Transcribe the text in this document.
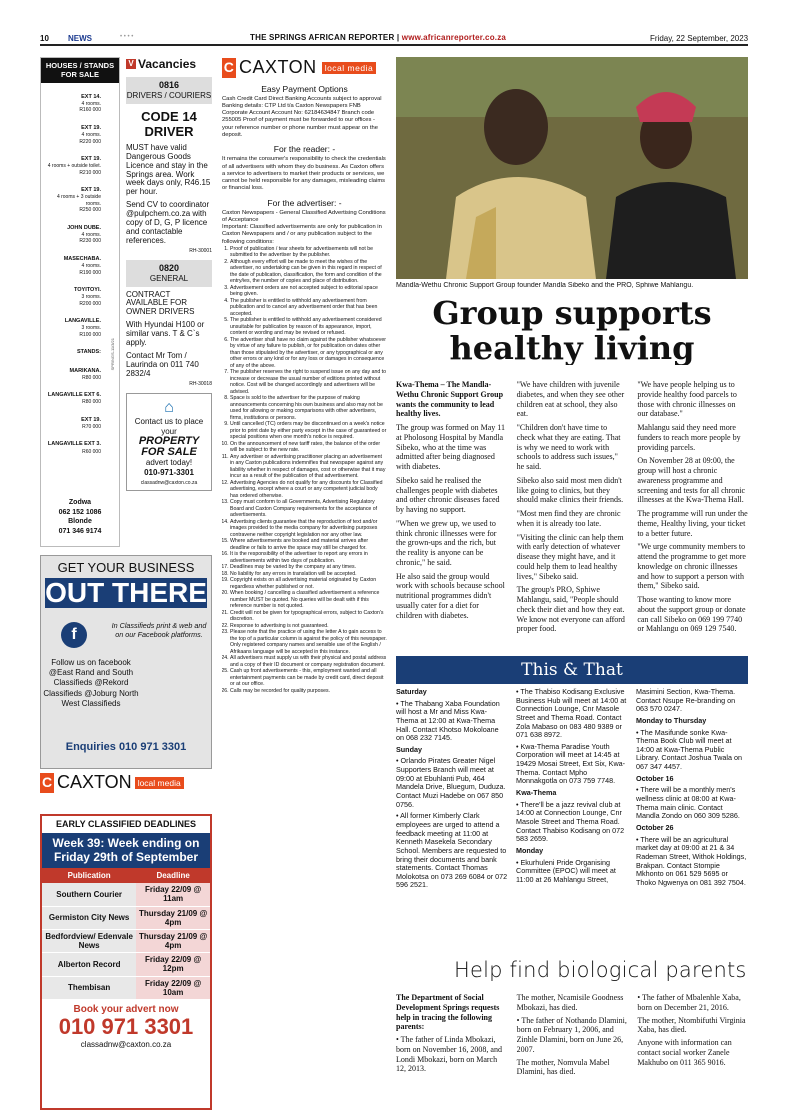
10 NEWS	• • • •	THE SPRINGS AFRICAN REPORTER | www.africanreporter.co.za	Friday, 22 September, 2023
HOUSES / STANDS FOR SALE
EXT 14.
4 rooms.
R160 000
EXT 19.
4 rooms.
R220 000
EXT 19.
4 rooms + outside toilet.
R210 000
EXT 19.
4 rooms + 3 outside rooms.
R250 000
JOHN DUBE.
4 rooms.
R230 000
MASECHABA.
4 rooms.
R190 000
TOYITOYI.
3 rooms.
R200 000
LANGAVILLE.
3 rooms.
R100 000
STANDS:
MARIKANA.
R80 000
LANGAVILLE EXT 6.
R80 000
EXT 19.
R70 000
LANGAVILLE EXT 3.
R60 000
SPRINGS-11/3/21
Zodwa
062 152 1086
Blonde
071 346 9174
V Vacancies
0816
DRIVERS / COURIERS
CODE 14 DRIVER
MUST have valid Dangerous Goods Licence and stay in the Springs area. Work week days only, R46.15 per hour.
Send CV to coordinator @pulpchem.co.za with copy of D, G, P licence and contactable references.
RH-30001
0820
GENERAL
CONTRACT AVAILABLE FOR OWNER DRIVERS
With Hyundai H100 or similar vans. T & C`s apply.
Contact Mr Tom / Laurinda on 011 740 2832/4
RH-30018
⌂
Contact us to place your
PROPERTY FOR SALE
advert today!
010-971-3301
classadnw@caxton.co.za
C CAXTON local media
Easy Payment Options

Cash Credit Card Direct Banking Accounts subject to approval Banking details: CTP Ltd t/a Caxton Newspapers FNB Corporate Account Account No: 62184634847 Branch code 255005 Proof of payment must be forwarded to our offices - your reference number or phone number must appear on the deposit.

For the reader: -

It remains the consumer's responsibility to check the credentials of all advertisers with whom they do business. As Caxton offers a service to advertisers to market their products or services, we cannot be held responsible for any damages, misleading claims or financial loss.

For the advertiser: -

Caxton Newspapers - General Classified Advertising Conditions of Acceptance

Important: Classified advertisements are only for publication in Caxton Newspapers and / or any publication subject to the following conditions:

1. Proof of publication / tear sheets for advertisements will not be submitted to the advertiser by the publisher.
2. Although every effort will be made to meet the wishes of the advertiser, no undertaking can be given in this regard in respect of the date of publication, classification, the form and condition of the entry/ies, the number of copies and place of distribution.
3. Advertisement orders are not accepted subject to editorial space being given.
4. The publisher is entitled to withhold any advertisement from publication and to cancel any advertisement order that has been accepted.
5. The publisher is entitled to withhold any advertisement considered unsuitable for publication by reason of its appearance, import, content or wording and may be revised or refused.
6. The advertiser shall have no claim against the publisher whatsoever by virtue of any failure to publish, or for publication on dates other than those stipulated by the advertiser, or any typographical or any other errors or any kind or for any loss or damages in consequence of any of the above.
7. The publisher reserves the right to suspend issue on any day and to increase or decrease the usual number of editions printed without notice. Cost will be changed accordingly and advertisers will be advised.
8. Space is sold to the advertiser for the purpose of making announcements concerning his own business and also may not be used for allowing or making comparisons with other advertisers, firms, institutions or persons.
9. Until cancelled (TC) orders may be discontinued on a week's notice prior to print date by either party except in the case of guaranteed or special positions when one month's notice is required.
10. On the announcement of new tariff rates, the balance of the order will be subject to the new rate.
11. Any advertiser or advertising practitioner placing an advertisement in any Caxton publications indemnifies that newspaper against any liability whether in respect of damages, cost or otherwise that it may incur as a result of the publication of that advertisement.
12. Advertising Agencies do not qualify for any discounts for Classified advertising, except where a court or any competent judicial body has ordered otherwise.
13. Copy must conform to all Governments, Advertising Regulatory Board and Caxton Company requirements for the acceptance of advertisements.
14. Advertising clients guarantee that the reproduction of text and/or images provided to the media company for advertising purposes contravene neither copyright legislation nor any other law.
15. Where advertisements are booked and material arrives after deadline or fails to arrive the space may still be charged for.
16. It is the responsibility of the advertiser to report any errors in advertisements within two days of publication.
17. Deadlines may be varied by the company at any times.
18. No liability for any errors in translation will be accepted.
19. Copyright exists on all advertising material originated by Caxton regardless whether published or not.
20. When booking / cancelling a classified advertisement a reference number MUST be quoted. No queries will be dealt with if this reference number is not quoted.
21. Credit will not be given for typographical errors, subject to Caxton's discretion.
22. Response to advertising is not guaranteed.
23. Please note that the practice of using the letter A to gain access to the top of a particular column is against the policy of this newspaper. Only registered company names and sensible use of the English / Afrikaans language will be accepted in this instance.
24. All advertisers must supply us with their physical and postal address and a copy of their ID document or company registration document.
25. Cash up front advertisements - this, employment wanted and all entertainment payments can be made by credit card, direct deposit or at our office.
26. Calls may be recorded for quality purposes.
Mandla-Wethu Chronic Support Group founder Mandla Sibeko and the PRO, Sphiwe Mahlangu.
Group supports healthy living

Kwa-Thema – The Mandla-Wethu Chronic Support Group wants the community to lead healthy lives.

The group was formed on May 11 at Pholosong Hospital by Mandla Sibeko, who at the time was admitted after being diagnosed with diabetes.

Sibeko said he realised the challenges people with diabetes and other chronic diseases faced by having no support.

"When we grew up, we used to think chronic illnesses were for the grown-ups and the rich, but the reality is anyone can be chronic," he said.

He also said the group would work with schools because school nutritional programmes didn't usually cater for a diet for children with diabetes.

"We have children with juvenile diabetes, and when they see other children eat at school, they also eat.

"Children don't have time to check what they are eating. That is why we need to work with schools to address such issues," he said.

Sibeko also said most men didn't like going to clinics, but they should make clinics their friends.

"Most men find they are chronic when it is already too late.

"Visiting the clinic can help them with early detection of whatever disease they might have, and it could help them to lead healthy lives," Sibeko said.

The group's PRO, Sphiwe Mahlangu, said, "People should check their diet and how they eat. We know not everyone can afford proper food.

"We have people helping us to provide healthy food parcels to those with chronic illnesses on our database."

Mahlangu said they need more funders to reach more people by providing parcels.

On November 28 at 09:00, the group will host a chronic awareness programme and screening and tests for all chronic illnesses at the Kwa-Thema Hall.

The programme will run under the theme, Healthy living, your ticket to a better future.

"We urge community members to attend the programme to get more knowledge on chronic illnesses and how to support a person with them," Sibeko said.

Those wanting to know more about the support group or donate can call Sibeko on 069 199 7740 or Mahlangu on 069 129 7540.

GET YOUR BUSINESS
OUT THERE
f
In Classifieds print & web and on our Facebook platforms.
Follow us on facebook @East Rand and South Classifieds @Rekord Classifieds @Joburg North West Classifieds
Enquiries 010 971 3301
C CAXTON local media
EARLY CLASSIFIED DEADLINES
Week 39: Week ending on Friday 29th of September
Publication	Deadline
Southern Courier	Friday 22/09 @ 11am
Germiston City News	Thursday 21/09 @ 4pm
Bedfordview/ Edenvale News	Thursday 21/09 @ 4pm
Alberton Record	Friday 22/09 @ 12pm
Thembisan	Friday 22/09 @ 10am
Book your advert now
010 971 3301
classadnw@caxton.co.za
This & That

Saturday

• The Thabang Xaba Foundation will host a Mr and Miss Kwa-Thema at 12:00 at Kwa-Thema Hall. Contact Khotso Mokoloane on 068 232 7145.

Sunday

• Orlando Pirates Greater Nigel Supporters Branch will meet at 09:00 at Ebuhlanti Pub, 464 Mandela Drive, Bluegum, Duduza. Contact Muzi Hadebe on 067 850 0756.

• All former Kimberly Clark employees are urged to attend a feedback meeting at 11:00 at Kenneth Masekela Secondary School. Members are requested to bring their documents and bank statements. Contact Thomas Molokotsa on 073 269 6084 or 072 596 2521.

• The Thabiso Kodisang Exclusive Business Hub will meet at 14:00 at Connection Lounge, Cnr Masole Street and Thema Road. Contact Zola Mabaso on 083 480 9389 or 071 638 8972.

• Kwa-Thema Paradise Youth Corporation will meet at 14:45 at 19429 Mosai Street, Ext Six, Kwa-Thema. Contact Mpho Monnakgotla on 073 759 7748.

Kwa-Thema

• There'll be a jazz revival club at 14:00 at Connection Lounge, Cnr Masole Street and Thema Road. Contact Thabiso Kodisang on 072 583 2659.

Monday

• Ekurhuleni Pride Organising Committee (EPOC) will meet at 11:00 at 26 Mahlangu Street, Masimini Section, Kwa-Thema. Contact Nsupe Re-branding on 063 570 0247.

Monday to Thursday

• The Masifunde sonke Kwa-Thema Book Club will meet at 14:00 at Kwa-Thema Public Library. Contact Joshua Twala on 067 347 4457.

October 16

• There will be a monthly men's wellness clinic at 08:00 at Kwa-Thema main clinic. Contact Mandla Zondo on 060 309 5286.

October 26

• There will be an agricultural market day at 09:00 at 21 & 34 Rademan Street, Withok Holdings, Brakpan. Contact Stompie Mkhonto on 061 529 5695 or Thoko Ngwenya on 081 392 7504.

Help find biological parents

The Department of Social Development Springs requests help in tracing the following parents:

• The father of Linda Mbokazi, born on November 16, 2008, and Londi Mbokazi, born on March 12, 2013.

The mother, Ncamisile Goodness Mbokazi, has died.

• The father of Nothando Dlamini, born on February 1, 2006, and Zinhle Dlamini, born on June 26, 2007.

The mother, Nomvula Mabel Dlamini, has died.

• The father of Mbalenhle Xaba, born on December 21, 2016.

The mother, Ntombifuthi Virginia Xaba, has died.

Anyone with information can contact social worker Zanele Makhubo on 011 365 9016.
